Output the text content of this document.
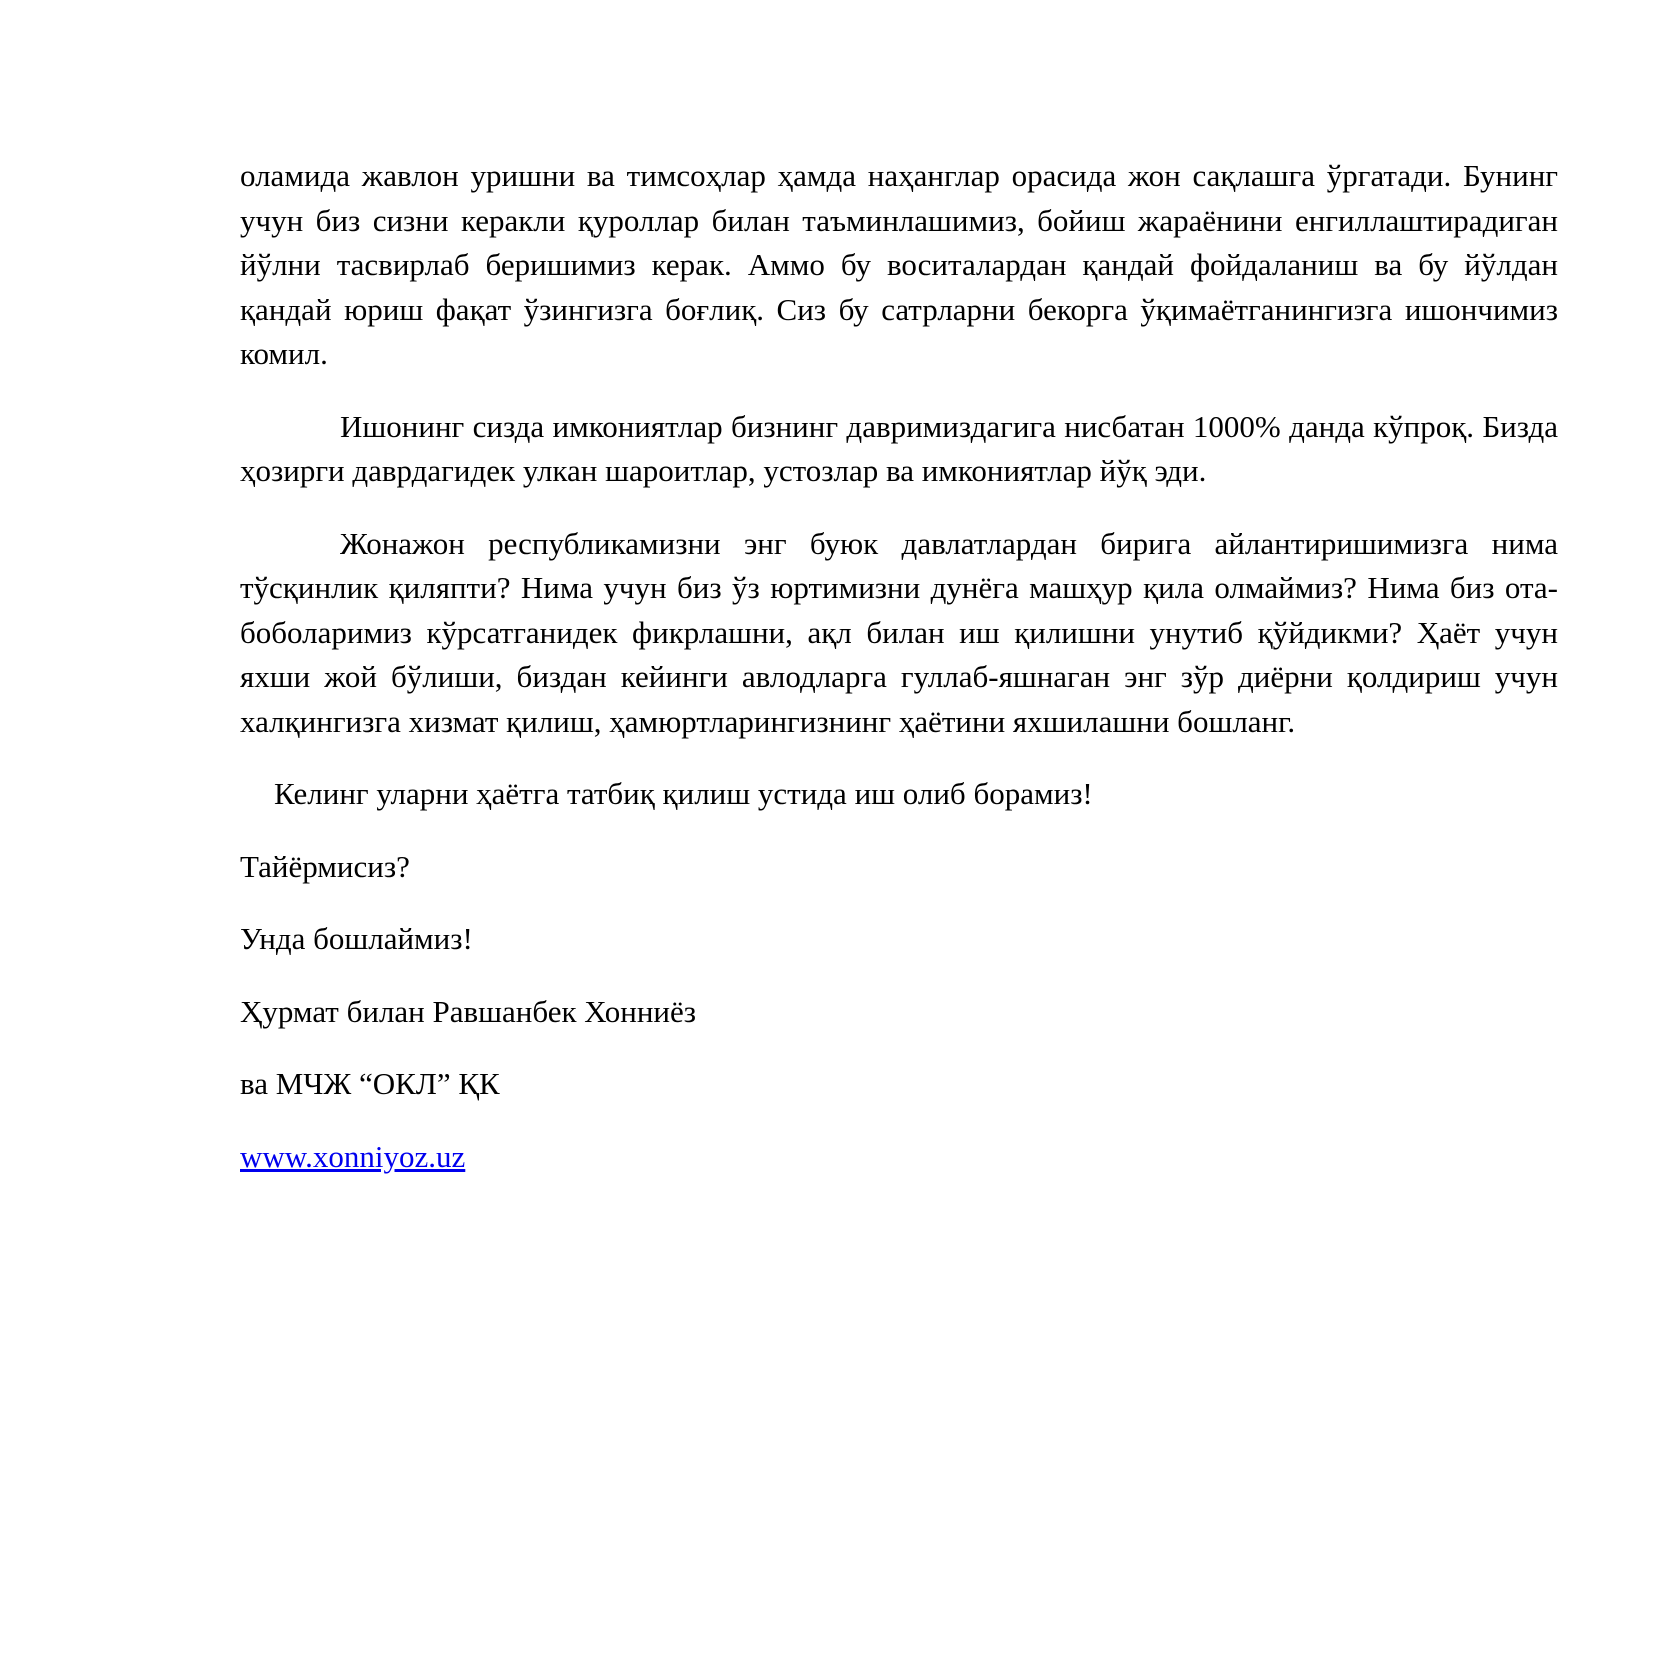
оламида жавлон уришни ва тимсоҳлар ҳамда наҳанглар орасида жон сақлашга ўргатади. Бунинг учун биз сизни керакли қуроллар билан таъминлашимиз, бойиш жараёнини енгиллаштирадиган йўлни тасвирлаб беришимиз керак. Аммо бу воситалардан қандай фойдаланиш ва бу йўлдан қандай юриш фақат ўзингизга боғлиқ. Сиз бу сатрларни бекорга ўқимаётганингизга ишончимиз комил.

Ишонинг сизда имкониятлар бизнинг давримиздагига нисбатан 1000% данда кўпроқ. Бизда ҳозирги даврдагидек улкан шароитлар, устозлар ва имкониятлар йўқ эди.

Жонажон республикамизни энг буюк давлатлардан бирига айлантиришимизга нима тўсқинлик қиляпти? Нима учун биз ўз юртимизни дунёга машҳур қила олмаймиз? Нима биз ота-боболаримиз кўрсатганидек фикрлашни, ақл билан иш қилишни унутиб қўйдикми? Ҳаёт учун яхши жой бўлиши, биздан кейинги авлодларга гуллаб-яшнаган энг зўр диёрни қолдириш учун халқингизга хизмат қилиш, ҳамюртларингизнинг ҳаётини яхшилашни бошланг.

Келинг уларни ҳаётга татбиқ қилиш устида иш олиб борамиз!

Тайёрмисиз?

Унда бошлаймиз!

Ҳурмат билан Равшанбек Хонниёз

ва МЧЖ “ОКЛ” ҚК

www.xonniyoz.uz
